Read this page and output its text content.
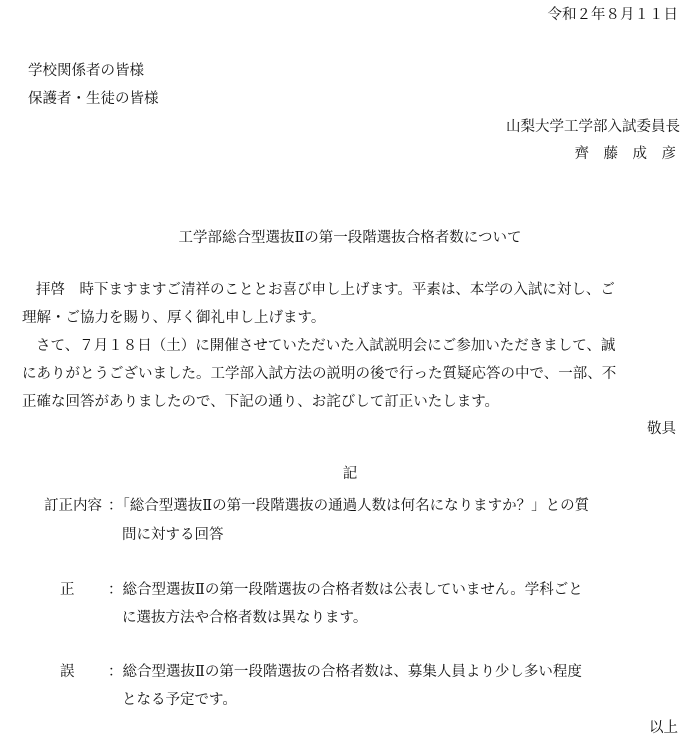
令和２年８月１１日

学校関係者の皆様

保護者・生徒の皆様

山梨大学工学部入試委員長

齊　藤　成　彦

工学部総合型選抜Ⅱの第一段階選抜合格者数について

拝啓　時下ますますご清祥のこととお喜び申し上げます。平素は、本学の入試に対し、ご

理解・ご協力を賜り、厚く御礼申し上げます。

さて、７月１８日（土）に開催させていただいた入試説明会にご参加いただきまして、誠

にありがとうございました。工学部入試方法の説明の後で行った質疑応答の中で、一部、不

正確な回答がありましたので、下記の通り、お詫びして訂正いたします。

敬具

記

訂正内容 ：「総合型選抜Ⅱの第一段階選抜の通過人数は何名になりますか？」との質

問に対する回答

正 ：総合型選抜Ⅱの第一段階選抜の合格者数は公表していません。学科ごと

に選抜方法や合格者数は異なります。

誤 ：総合型選抜Ⅱの第一段階選抜の合格者数は、募集人員より少し多い程度

となる予定です。

以上
